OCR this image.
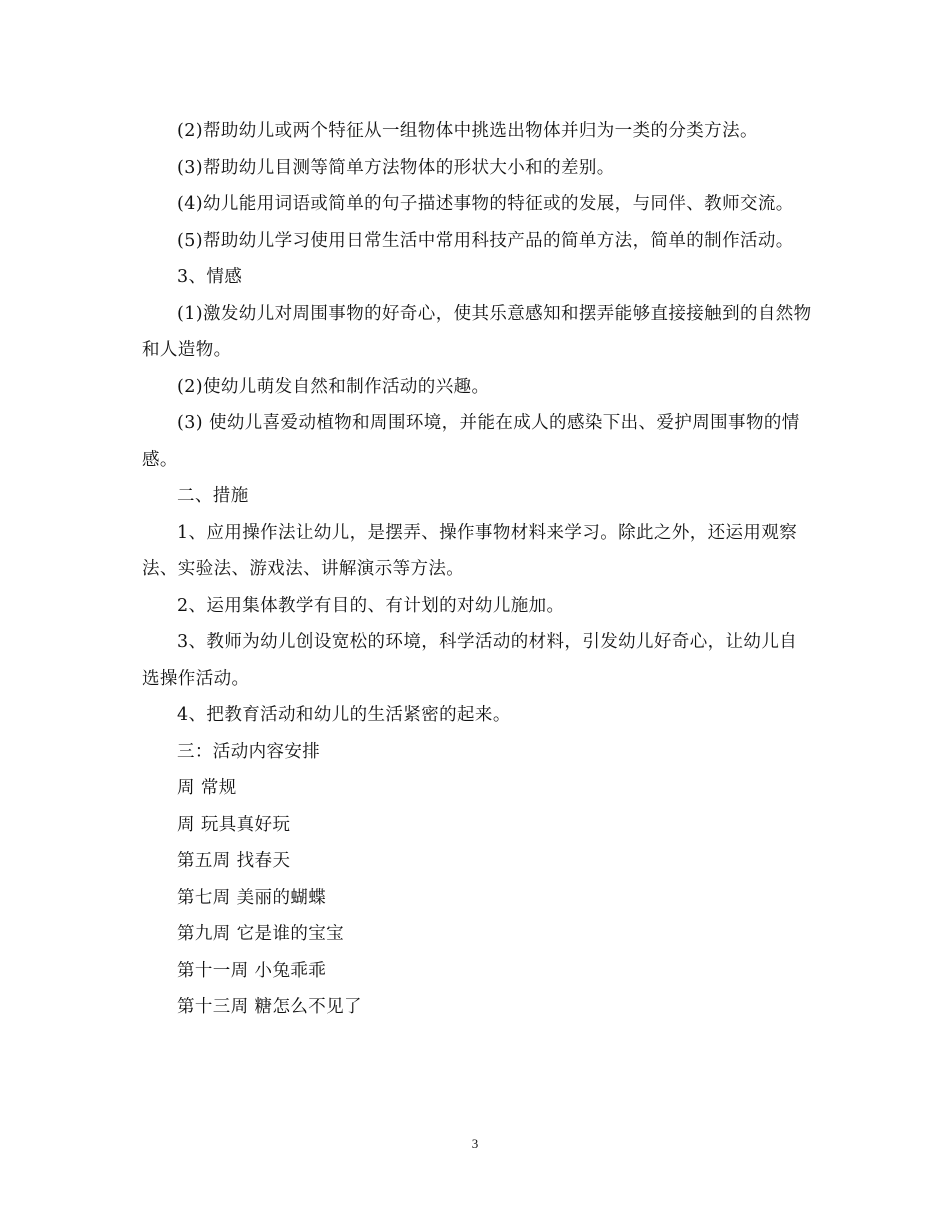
(2)帮助幼儿或两个特征从一组物体中挑选出物体并归为一类的分类方法。

(3)帮助幼儿目测等简单方法物体的形状大小和的差别。

(4)幼儿能用词语或简单的句子描述事物的特征或的发展，与同伴、教师交流。

(5)帮助幼儿学习使用日常生活中常用科技产品的简单方法，简单的制作活动。

3、情感

(1)激发幼儿对周围事物的好奇心，使其乐意感知和摆弄能够直接接触到的自然物和人造物。

(2)使幼儿萌发自然和制作活动的兴趣。

(3) 使幼儿喜爱动植物和周围环境，并能在成人的感染下出、爱护周围事物的情感。

二、措施

1、应用操作法让幼儿，是摆弄、操作事物材料来学习。除此之外，还运用观察法、实验法、游戏法、讲解演示等方法。

2、运用集体教学有目的、有计划的对幼儿施加。

3、教师为幼儿创设宽松的环境，科学活动的材料，引发幼儿好奇心，让幼儿自选操作活动。

4、把教育活动和幼儿的生活紧密的起来。

三：活动内容安排

周 常规

周 玩具真好玩

第五周 找春天

第七周 美丽的蝴蝶

第九周 它是谁的宝宝

第十一周 小兔乖乖

第十三周 糖怎么不见了

3
